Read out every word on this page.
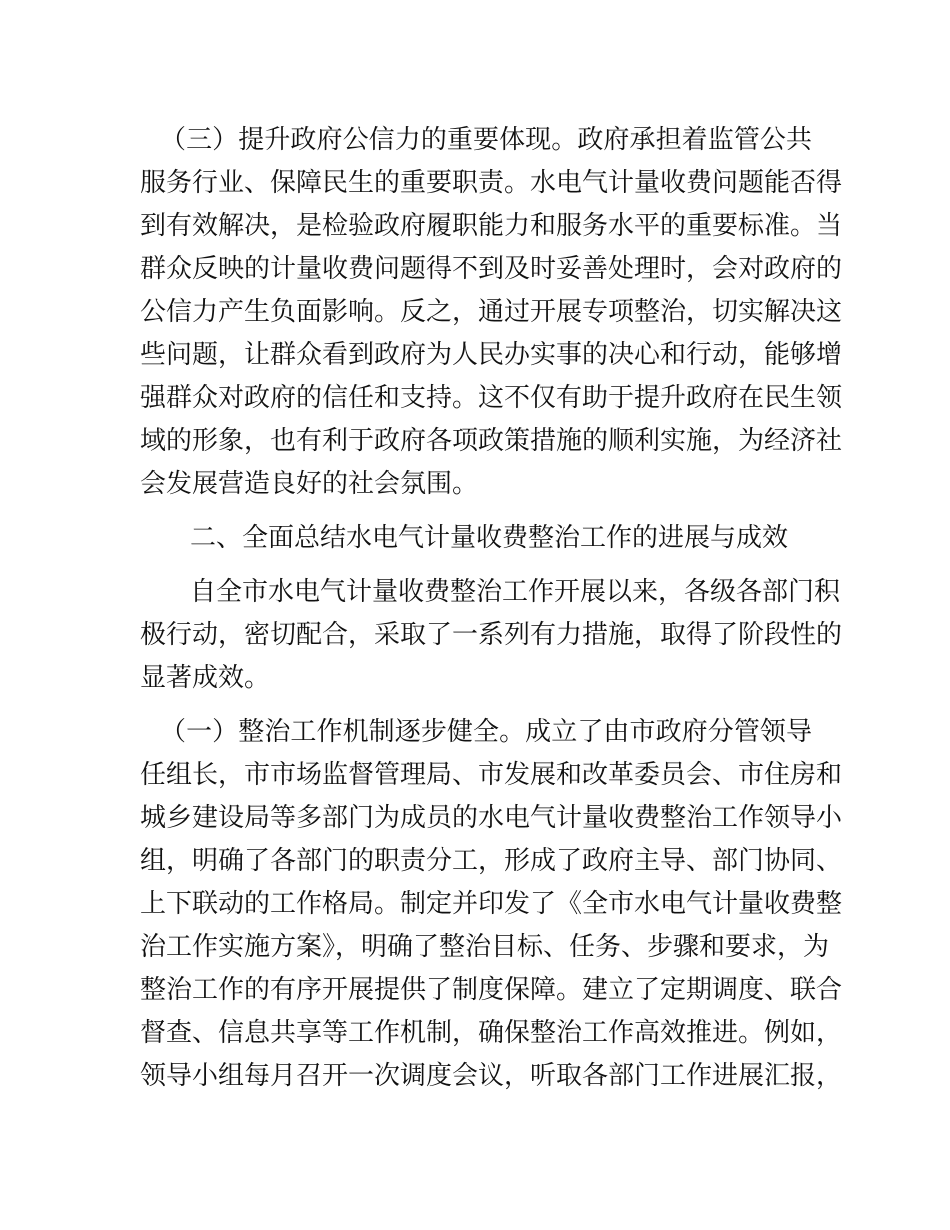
（三）提升政府公信力的重要体现。政府承担着监管公共
服务行业、保障民生的重要职责。水电气计量收费问题能否得
到有效解决，是检验政府履职能力和服务水平的重要标准。当
群众反映的计量收费问题得不到及时妥善处理时，会对政府的
公信力产生负面影响。反之，通过开展专项整治，切实解决这
些问题，让群众看到政府为人民办实事的决心和行动，能够增
强群众对政府的信任和支持。这不仅有助于提升政府在民生领
域的形象，也有利于政府各项政策措施的顺利实施，为经济社
会发展营造良好的社会氛围。
二、全面总结水电气计量收费整治工作的进展与成效
自全市水电气计量收费整治工作开展以来，各级各部门积
极行动，密切配合，采取了一系列有力措施，取得了阶段性的
显著成效。
（一）整治工作机制逐步健全。成立了由市政府分管领导
任组长，市市场监督管理局、市发展和改革委员会、市住房和
城乡建设局等多部门为成员的水电气计量收费整治工作领导小
组，明确了各部门的职责分工，形成了政府主导、部门协同、
上下联动的工作格局。制定并印发了《全市水电气计量收费整
治工作实施方案》，明确了整治目标、任务、步骤和要求，为
整治工作的有序开展提供了制度保障。建立了定期调度、联合
督查、信息共享等工作机制，确保整治工作高效推进。例如，
领导小组每月召开一次调度会议，听取各部门工作进展汇报，
